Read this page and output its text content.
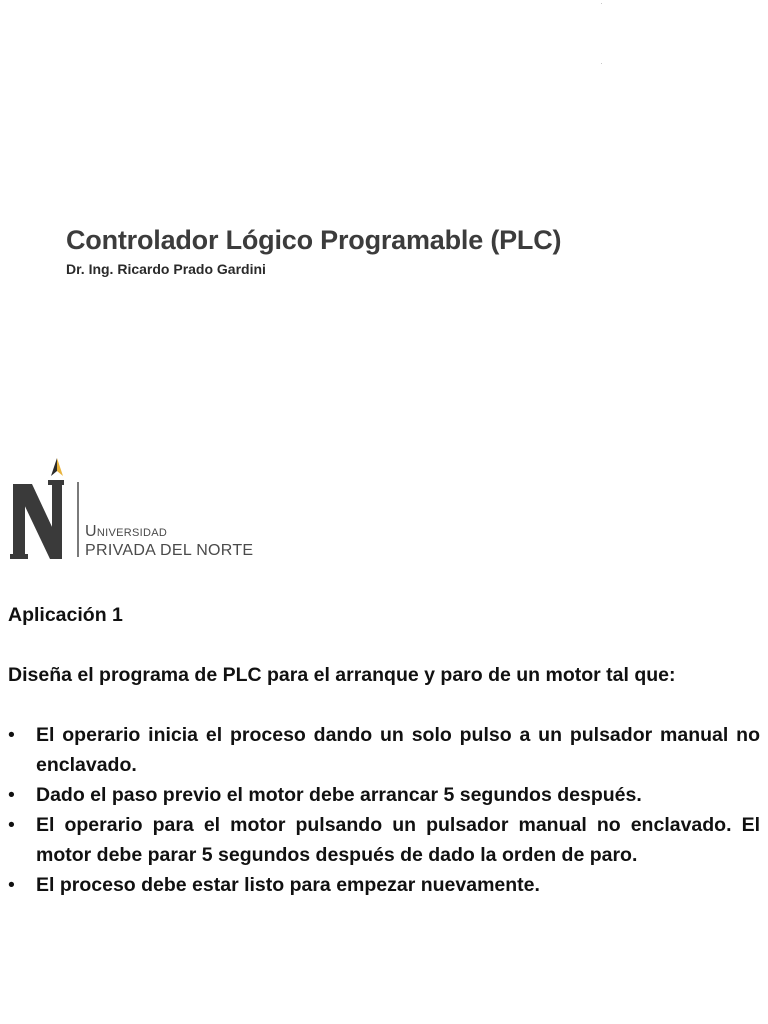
Controlador Lógico Programable (PLC)
Dr. Ing. Ricardo Prado Gardini
Universidad
PRIVADA DEL NORTE
Aplicación 1
Diseña el programa de PLC para el arranque y paro de un motor tal que:
• El operario inicia el proceso dando un solo pulso a un pulsador manual no enclavado.
• Dado el paso previo el motor debe arrancar 5 segundos después.
• El operario para el motor pulsando un pulsador manual no enclavado. El motor debe parar 5 segundos después de dado la orden de paro.
• El proceso debe estar listo para empezar nuevamente.
